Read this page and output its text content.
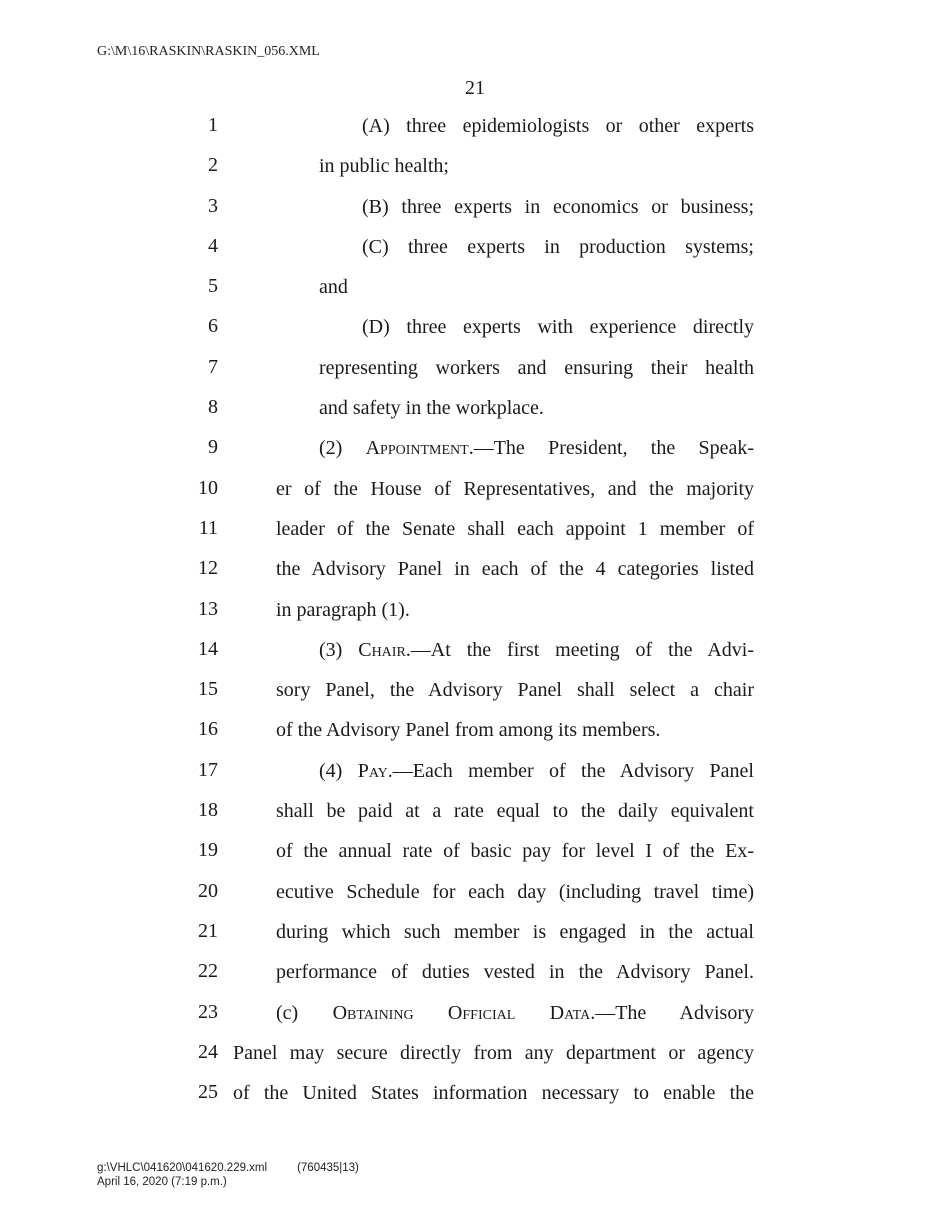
G:\M\16\RASKIN\RASKIN_056.XML
21
1	(A) three epidemiologists or other experts
2	in public health;
3	(B) three experts in economics or business;
4	(C) three experts in production systems;
5	and
6	(D) three experts with experience directly
7	representing workers and ensuring their health
8	and safety in the workplace.
9	(2) Appointment.—The President, the Speak-
10	er of the House of Representatives, and the majority
11	leader of the Senate shall each appoint 1 member of
12	the Advisory Panel in each of the 4 categories listed
13	in paragraph (1).
14	(3) Chair.—At the first meeting of the Advi-
15	sory Panel, the Advisory Panel shall select a chair
16	of the Advisory Panel from among its members.
17	(4) Pay.—Each member of the Advisory Panel
18	shall be paid at a rate equal to the daily equivalent
19	of the annual rate of basic pay for level I of the Ex-
20	ecutive Schedule for each day (including travel time)
21	during which such member is engaged in the actual
22	performance of duties vested in the Advisory Panel.
23	(c) Obtaining Official Data.—The Advisory
24 Panel may secure directly from any department or agency
25 of the United States information necessary to enable the
g:\VHLC\041620\041620.229.xml	(760435|13)
April 16, 2020 (7:19 p.m.)
